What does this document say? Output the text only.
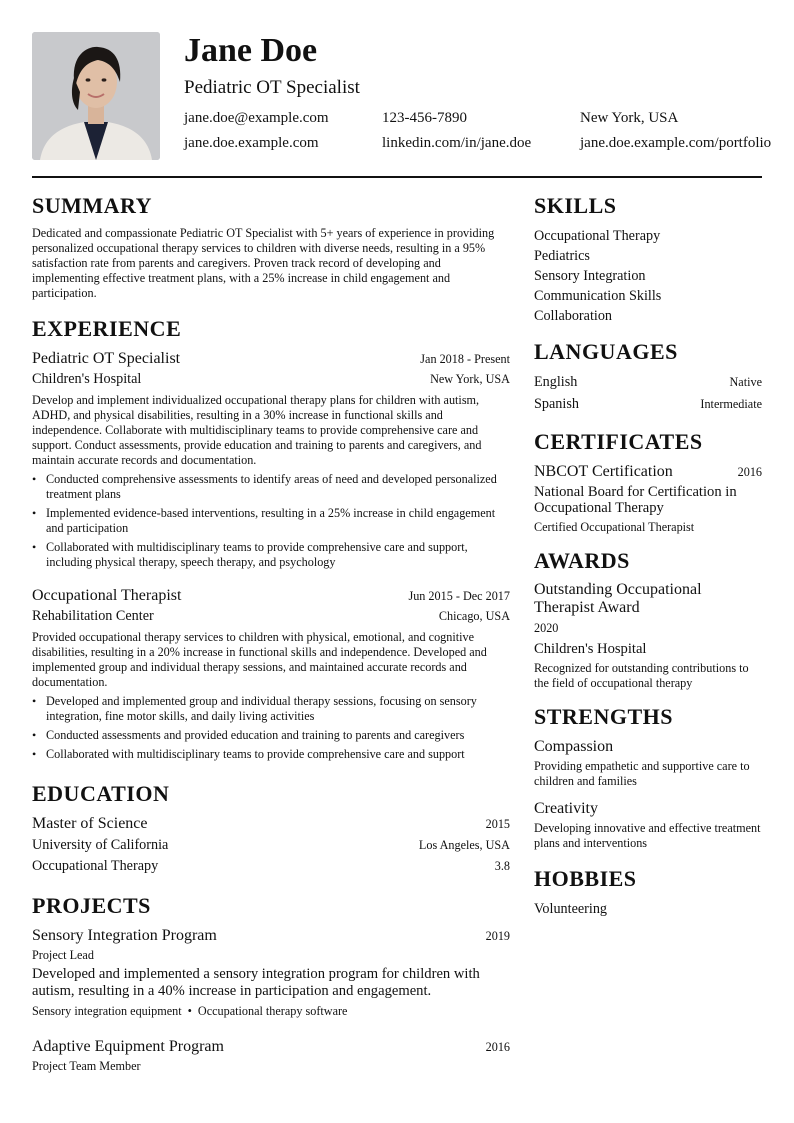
Jane Doe
Pediatric OT Specialist
jane.doe@example.com	123-456-7890	New York, USA
jane.doe.example.com	linkedin.com/in/jane.doe	jane.doe.example.com/portfolio
SUMMARY
Dedicated and compassionate Pediatric OT Specialist with 5+ years of experience in providing personalized occupational therapy services to children with diverse needs, resulting in a 95% satisfaction rate from parents and caregivers. Proven track record of developing and implementing effective treatment plans, with a 25% increase in child engagement and participation.
EXPERIENCE
Pediatric OT Specialist	Jan 2018 - Present
Children's Hospital	New York, USA
Develop and implement individualized occupational therapy plans for children with autism, ADHD, and physical disabilities, resulting in a 30% increase in functional skills and independence. Collaborate with multidisciplinary teams to provide comprehensive care and support. Conduct assessments, provide education and training to parents and caregivers, and maintain accurate records and documentation.
• Conducted comprehensive assessments to identify areas of need and developed personalized treatment plans
• Implemented evidence-based interventions, resulting in a 25% increase in child engagement and participation
• Collaborated with multidisciplinary teams to provide comprehensive care and support, including physical therapy, speech therapy, and psychology
Occupational Therapist	Jun 2015 - Dec 2017
Rehabilitation Center	Chicago, USA
Provided occupational therapy services to children with physical, emotional, and cognitive disabilities, resulting in a 20% increase in functional skills and independence. Developed and implemented group and individual therapy sessions, and maintained accurate records and documentation.
• Developed and implemented group and individual therapy sessions, focusing on sensory integration, fine motor skills, and daily living activities
• Conducted assessments and provided education and training to parents and caregivers
• Collaborated with multidisciplinary teams to provide comprehensive care and support
EDUCATION
Master of Science	2015
University of California	Los Angeles, USA
Occupational Therapy	3.8
PROJECTS
Sensory Integration Program	2019
Project Lead
Developed and implemented a sensory integration program for children with autism, resulting in a 40% increase in participation and engagement.
Sensory integration equipment • Occupational therapy software
Adaptive Equipment Program	2016
Project Team Member
SKILLS
Occupational Therapy
Pediatrics
Sensory Integration
Communication Skills
Collaboration
LANGUAGES
English	Native
Spanish	Intermediate
CERTIFICATES
NBCOT Certification	2016
National Board for Certification in Occupational Therapy
Certified Occupational Therapist
AWARDS
Outstanding Occupational Therapist Award
2020
Children's Hospital
Recognized for outstanding contributions to the field of occupational therapy
STRENGTHS
Compassion
Providing empathetic and supportive care to children and families
Creativity
Developing innovative and effective treatment plans and interventions
HOBBIES
Volunteering
